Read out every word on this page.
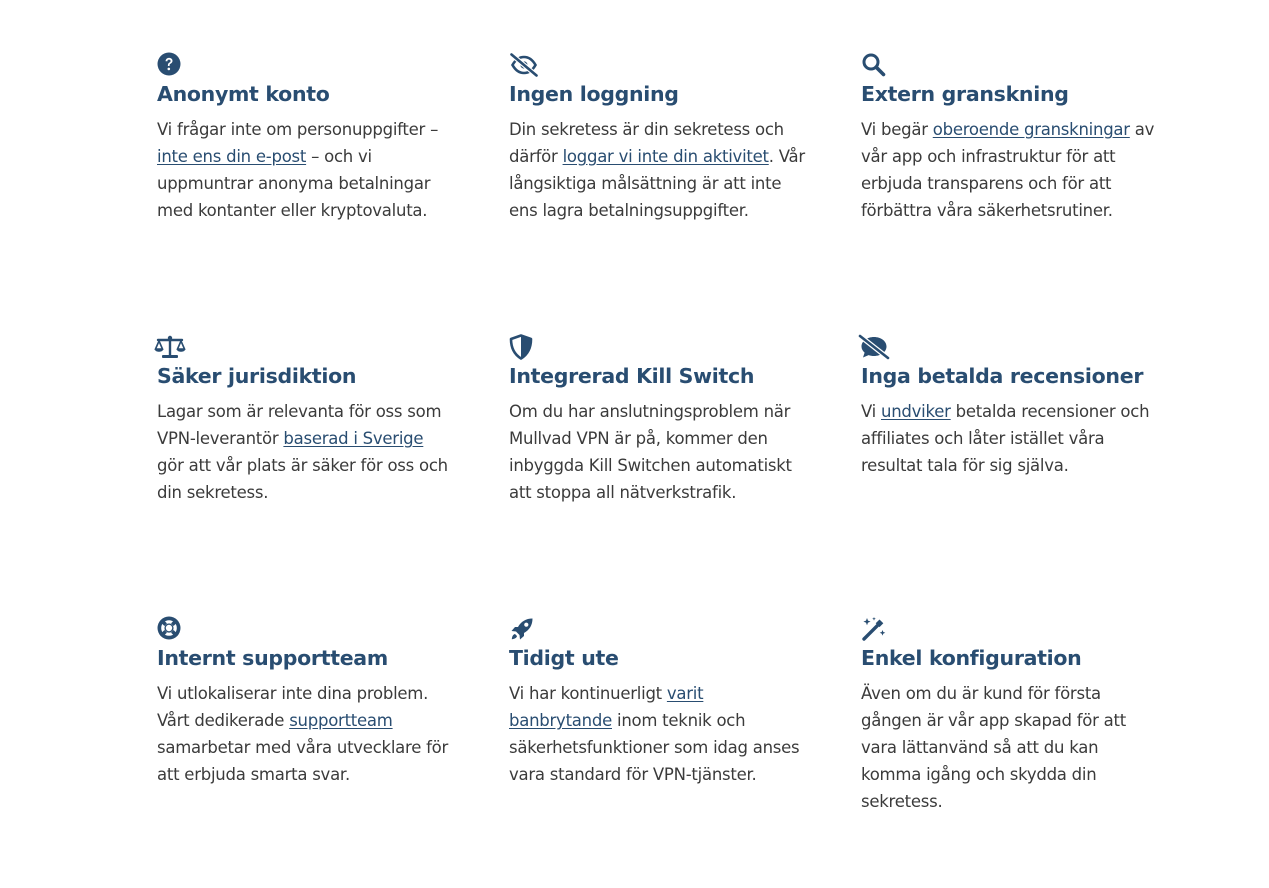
Anonymt konto

Vi frågar inte om personuppgifter – inte ens din e-post – och vi uppmuntrar anonyma betalningar med kontanter eller kryptovaluta.

Ingen loggning

Din sekretess är din sekretess och därför loggar vi inte din aktivitet. Vår långsiktiga målsättning är att inte ens lagra betalningsuppgifter.

Extern granskning

Vi begär oberoende granskningar av vår app och infrastruktur för att erbjuda transparens och för att förbättra våra säkerhetsrutiner.

Säker jurisdiktion

Lagar som är relevanta för oss som VPN-leverantör baserad i Sverige gör att vår plats är säker för oss och din sekretess.

Integrerad Kill Switch

Om du har anslutningsproblem när Mullvad VPN är på, kommer den inbyggda Kill Switchen automatiskt att stoppa all nätverkstrafik.

Inga betalda recensioner

Vi undviker betalda recensioner och affiliates och låter istället våra resultat tala för sig själva.

Internt supportteam

Vi utlokaliserar inte dina problem. Vårt dedikerade supportteam samarbetar med våra utvecklare för att erbjuda smarta svar.

Tidigt ute

Vi har kontinuerligt varit banbrytande inom teknik och säkerhetsfunktioner som idag anses vara standard för VPN-tjänster.

Enkel konfiguration

Även om du är kund för första gången är vår app skapad för att vara lättanvänd så att du kan komma igång och skydda din sekretess.
